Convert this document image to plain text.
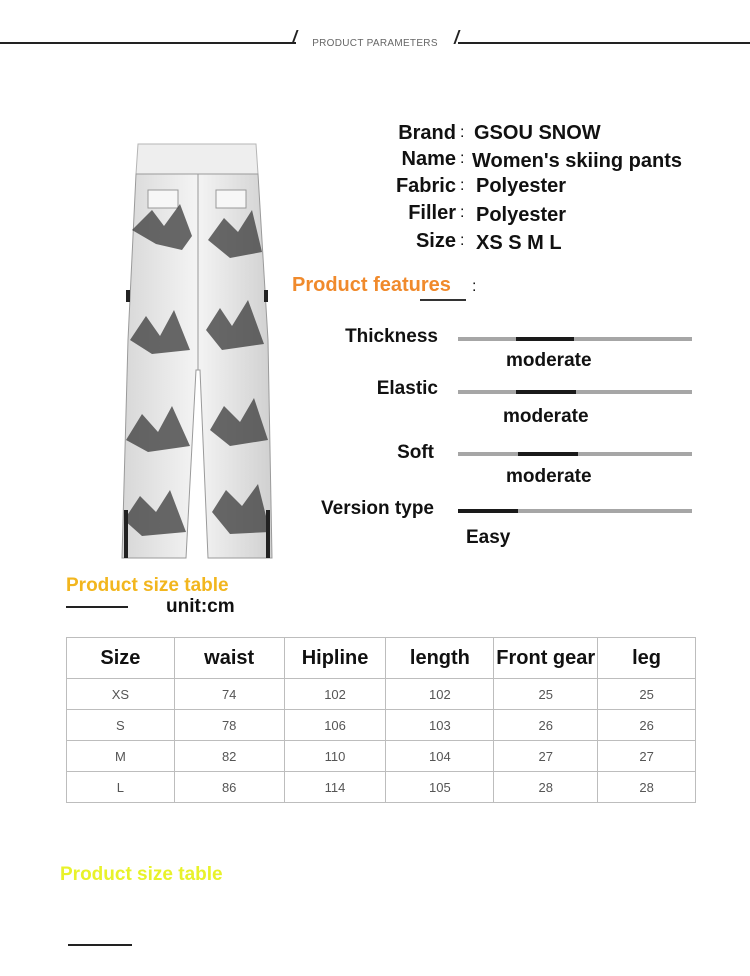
PRODUCT PARAMETERS
Brand : GSOU SNOW
Name : Women's skiing pants
Fabric : Polyester
Filler : Polyester
Size : XS S M L
Product features :
Thickness
moderate
Elastic
moderate
Soft
moderate
Version type
Easy
Product size table
unit:cm
Size	waist	Hipline	length	Front gear	leg
XS	74	102	102	25	25
S	78	106	103	26	26
M	82	110	104	27	27
L	86	114	105	28	28
Product size table
